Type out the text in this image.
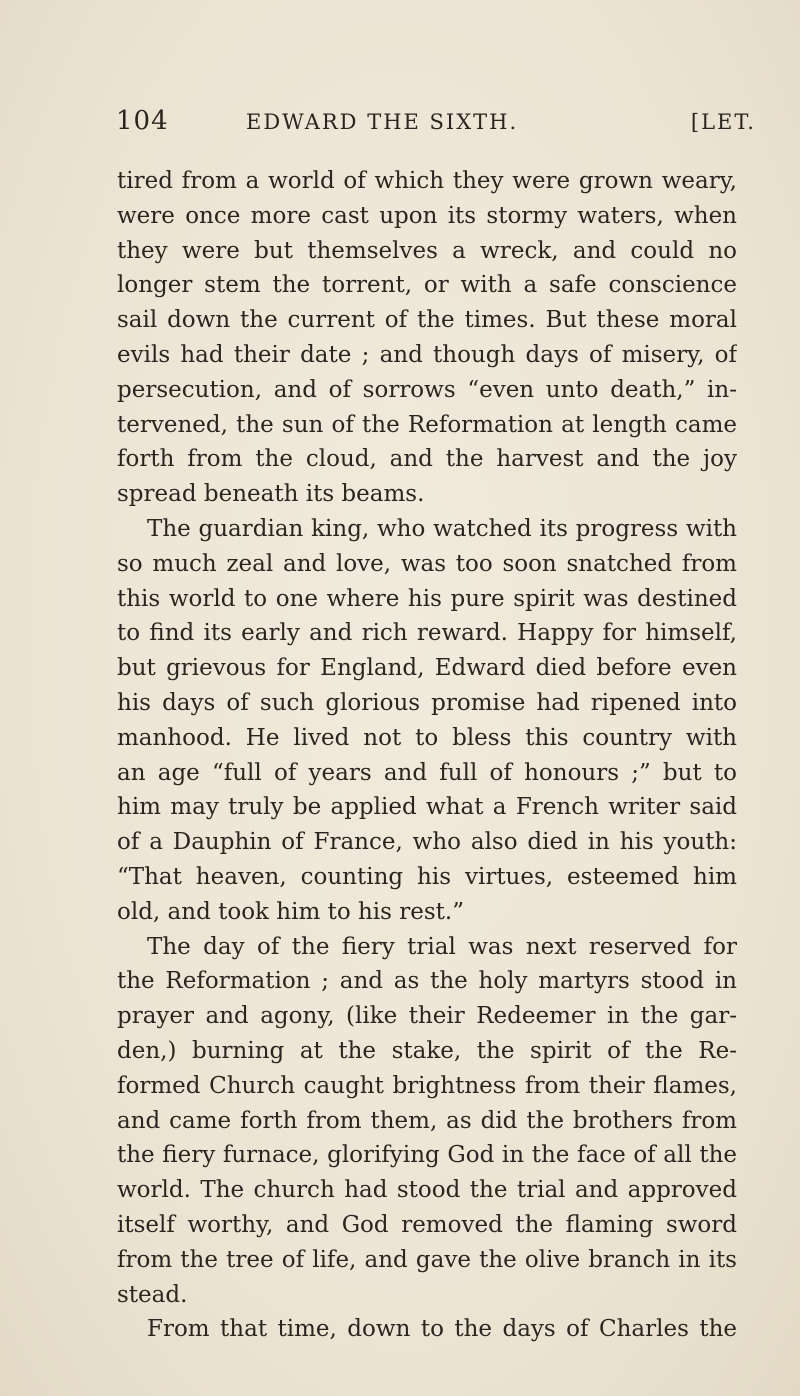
104	EDWARD THE SIXTH.	[LET.
tired from a world of which they were grown weary,
were once more cast upon its stormy waters, when
they were but themselves a wreck, and could no
longer stem the torrent, or with a safe conscience
sail down the current of the times. But these moral
evils had their date ; and though days of misery, of
persecution, and of sorrows “even unto death,” in-
tervened, the sun of the Reformation at length came
forth from the cloud, and the harvest and the joy
spread beneath its beams.
The guardian king, who watched its progress with
so much zeal and love, was too soon snatched from
this world to one where his pure spirit was destined
to find its early and rich reward. Happy for himself,
but grievous for England, Edward died before even
his days of such glorious promise had ripened into
manhood. He lived not to bless this country with
an age “full of years and full of honours ;” but to
him may truly be applied what a French writer said
of a Dauphin of France, who also died in his youth:
“That heaven, counting his virtues, esteemed him
old, and took him to his rest.”
The day of the fiery trial was next reserved for
the Reformation ; and as the holy martyrs stood in
prayer and agony, (like their Redeemer in the gar-
den,) burning at the stake, the spirit of the Re-
formed Church caught brightness from their flames,
and came forth from them, as did the brothers from
the fiery furnace, glorifying God in the face of all the
world. The church had stood the trial and approved
itself worthy, and God removed the flaming sword
from the tree of life, and gave the olive branch in its
stead.
From that time, down to the days of Charles the
